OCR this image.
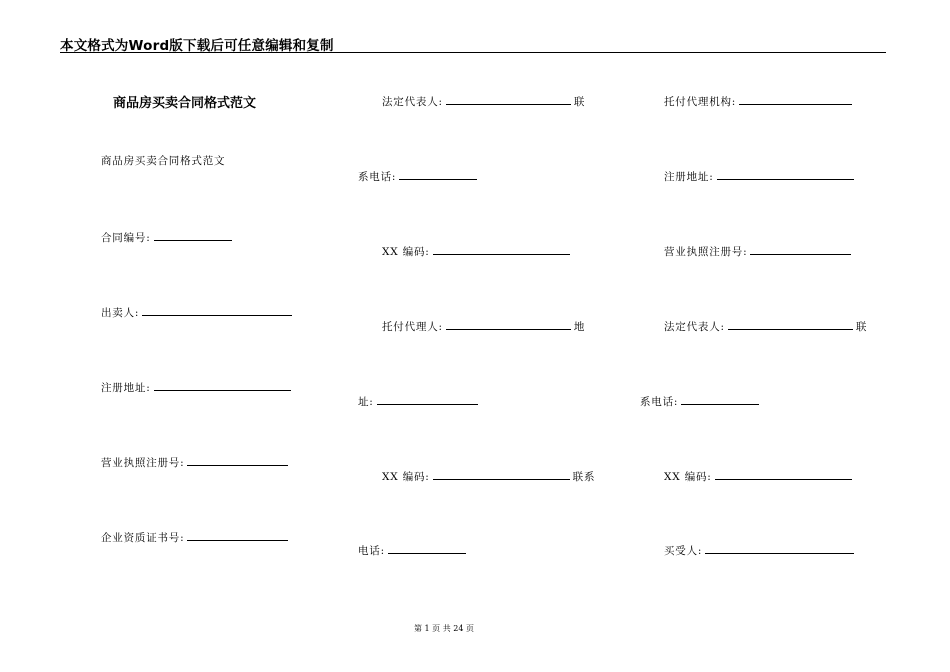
本文格式为Word版下载后可任意编辑和复制
商品房买卖合同格式范文
商品房买卖合同格式范文
合同编号:
出卖人:
注册地址:
营业执照注册号:
企业资质证书号:
法定代表人:	联
系电话:
XX 编码:
托付代理人:	地
址:
XX 编码:	联系
电话:
托付代理机构:
注册地址:
营业执照注册号:
法定代表人:	联
系电话:
XX 编码:
买受人:
第 1 页 共 24 页
